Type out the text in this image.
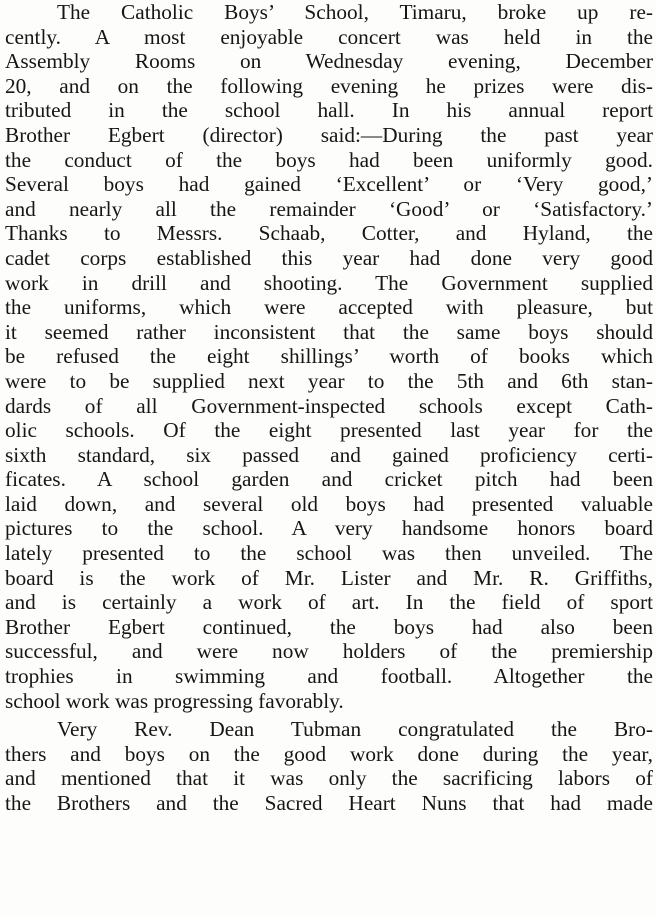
The Catholic Boys’ School, Timaru, broke up re-
cently. A most enjoyable concert was held in the
Assembly Rooms on Wednesday evening, December
20, and on the following evening he prizes were dis-
tributed in the school hall. In his annual report
Brother Egbert (director) said:—During the past year
the conduct of the boys had been uniformly good.
Several boys had gained ‘Excellent’ or ‘Very good,’
and nearly all the remainder ‘Good’ or ‘Satisfactory.’
Thanks to Messrs. Schaab, Cotter, and Hyland, the
cadet corps established this year had done very good
work in drill and shooting. The Government supplied
the uniforms, which were accepted with pleasure, but
it seemed rather inconsistent that the same boys should
be refused the eight shillings’ worth of books which
were to be supplied next year to the 5th and 6th stan-
dards of all Government-inspected schools except Cath-
olic schools. Of the eight presented last year for the
sixth standard, six passed and gained proficiency certi-
ficates. A school garden and cricket pitch had been
laid down, and several old boys had presented valuable
pictures to the school. A very handsome honors board
lately presented to the school was then unveiled. The
board is the work of Mr. Lister and Mr. R. Griffiths,
and is certainly a work of art. In the field of sport
Brother Egbert continued, the boys had also been
successful, and were now holders of the premiership
trophies in swimming and football. Altogether the
school work was progressing favorably.

Very Rev. Dean Tubman congratulated the Bro-
thers and boys on the good work done during the year,
and mentioned that it was only the sacrificing labors of
the Brothers and the Sacred Heart Nuns that had made
